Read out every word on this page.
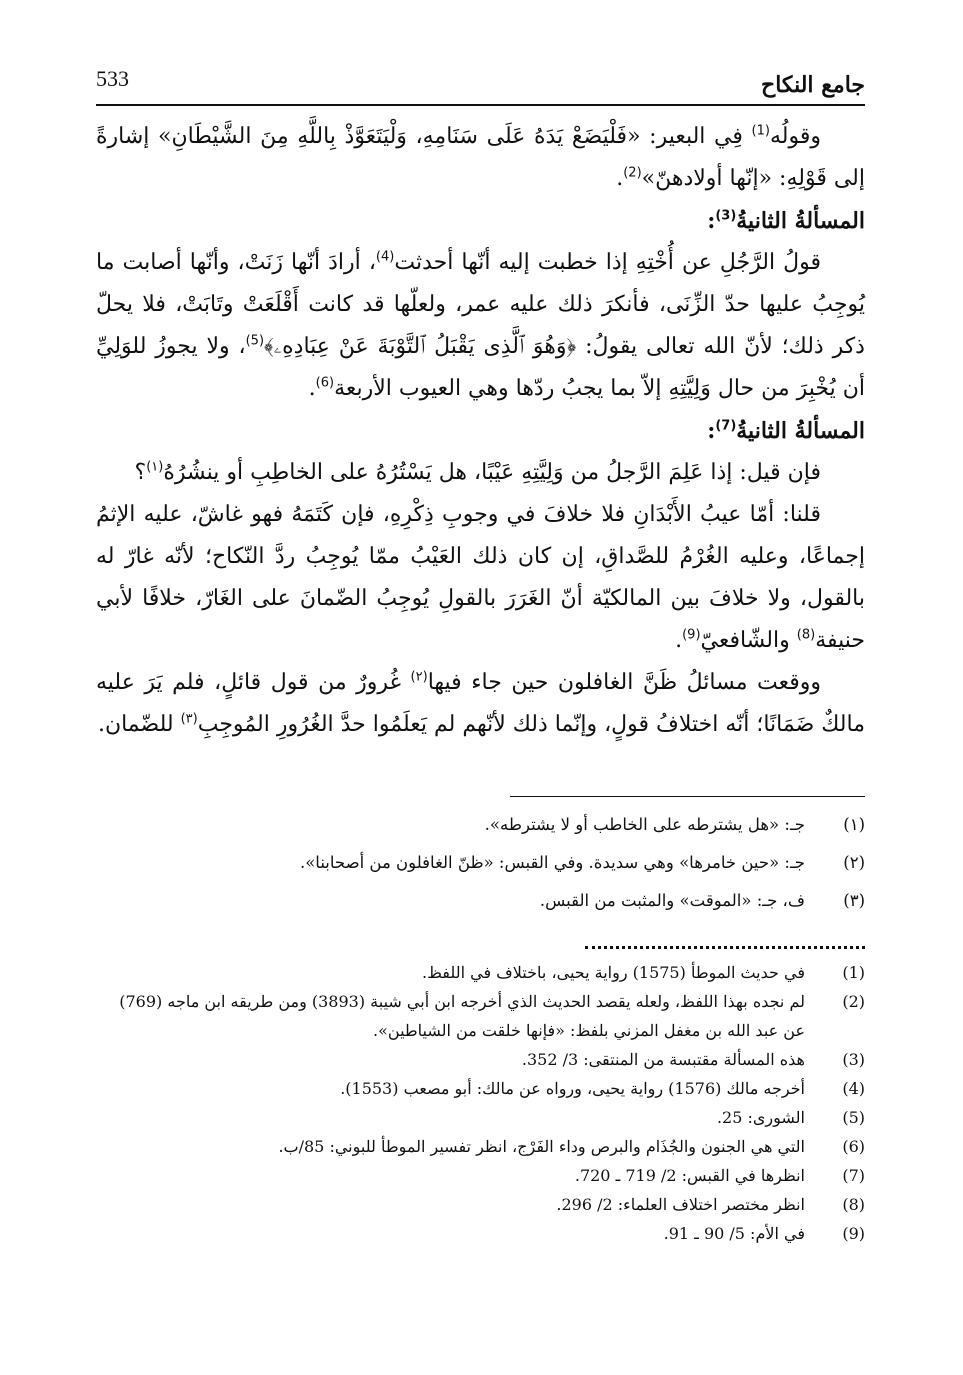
جامع النكاح
533

وقولُه$^{(1)}$ فِي البعير: «فَلْيَضَعْ يَدَهُ عَلَى سَنَامِهِ، وَلْيَتَعَوَّذْ بِاللَّهِ مِنَ الشَّيْطَانِ» إشارةً إلى قَوْلِهِ: «إنّها أولادهنّ»$^{(2)}$.

المسألةُ الثانيةُ$^{(3)}$:

قولُ الرَّجُلِ عن أُخْتِهِ إذا خطبت إليه أنّها أحدثت$^{(4)}$، أرادَ أنّها زَنَتْ، وأنّها أصابت ما يُوجِبُ عليها حدّ الزِّنَى، فأنكرَ ذلك عليه عمر، ولعلّها قد كانت أَقْلَعَتْ وتَابَتْ، فلا يحلّ ذكر ذلك؛ لأنّ الله تعالى يقولُ: ﴿وَهُوَ ٱلَّذِى يَقْبَلُ ٱلتَّوْبَةَ عَنْ عِبَادِهِۦ﴾$^{(5)}$، ولا يجوزُ للوَلِيِّ أن يُخْبِرَ من حال وَلِيَّتِهِ إلاّ بما يجبُ ردّها وهي العيوب الأربعة$^{(6)}$.

المسألةُ الثانيةُ$^{(7)}$:

فإن قيل: إذا عَلِمَ الرَّجلُ من وَلِيَّتِهِ عَيْبًا، هل يَسْتُرُهُ على الخاطِبِ أو ينشُرُهُ$^{(١)}$؟

قلنا: أمّا عيبُ الأَبْدَانِ فلا خلافَ في وجوبِ ذِكْرِهِ، فإن كَتَمَهُ فهو غاشّ، عليه الإثمُ إجماعًا، وعليه الغُرْمُ للصَّداقِ، إن كان ذلك العَيْبُ ممّا يُوجِبُ ردَّ النّكاح؛ لأنّه غارّ له بالقول، ولا خلافَ بين المالكيّة أنّ الغَرَرَ بالقولِ يُوجِبُ الضّمانَ على الغَارّ، خلافًا لأبي حنيفة$^{(8)}$ والشّافعيّ$^{(9)}$.

ووقعت مسائلُ ظَنَّ الغافلون حين جاء فيها$^{(٢)}$ غُرورٌ من قول قائلٍ، فلم يَرَ عليه مالكٌ ضَمَانًا؛ أنّه اختلافُ قولٍ، وإنّما ذلك لأنّهم لم يَعلَمُوا حدَّ الغُرُورِ المُوجِبِ$^{(٣)}$ للضّمان.

(١)
جـ: «هل يشترطه على الخاطب أو لا يشترطه».
(٢)
جـ: «حين خامرها» وهي سديدة. وفي القبس: «ظنّ الغافلون من أصحابنا».
(٣)
ف، جـ: «الموقت» والمثبت من القبس.
(1)
في حديث الموطأ (1575) رواية يحيى، باختلاف في اللفظ.
(2)
لم نجده بهذا اللفظ، ولعله يقصد الحديث الذي أخرجه ابن أبي شيبة (3893) ومن طريقه ابن ماجه (769) عن عبد الله بن مغفل المزني بلفظ: «فإنها خلقت من الشياطين».
(3)
هذه المسألة مقتبسة من المنتقى: 3/ 352.
(4)
أخرجه مالك (1576) رواية يحيى، ورواه عن مالك: أبو مصعب (1553).
(5)
الشورى: 25.
(6)
التي هي الجنون والجُذَام والبرص وداء الفَرْج، انظر تفسير الموطأ للبوني: 85/ب.
(7)
انظرها في القبس: 2/ 719 ـ 720.
(8)
انظر مختصر اختلاف العلماء: 2/ 296.
(9)
في الأم: 5/ 90 ـ 91.
